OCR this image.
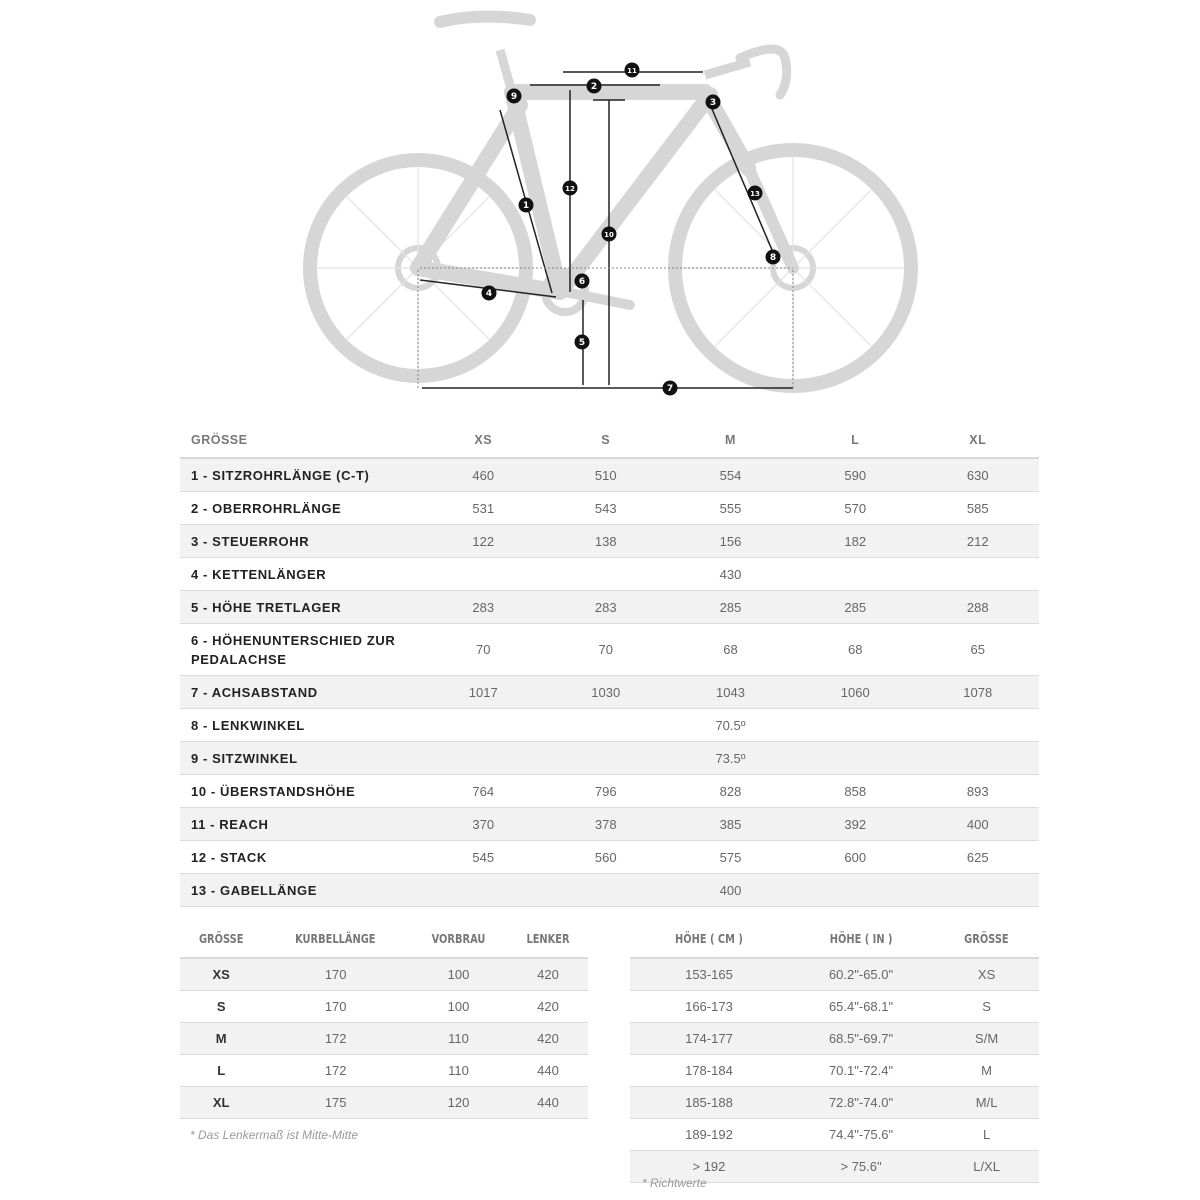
1
2
3
4
5
6
7
8
9
10
11
12
13
GRÖSSE	XS	S	M	L	XL
1 - SITZROHRLÄNGE (C-T)	460	510	554	590	630
2 - OBERROHRLÄNGE	531	543	555	570	585
3 - STEUERROHR	122	138	156	182	212
4 - KETTENLÄNGER			430		
5 - HÖHE TRETLAGER	283	283	285	285	288
6 - HÖHENUNTERSCHIED ZUR PEDALACHSE	70	70	68	68	65
7 - ACHSABSTAND	1017	1030	1043	1060	1078
8 - LENKWINKEL			70.5º		
9 - SITZWINKEL			73.5º		
10 - ÜBERSTANDSHÖHE	764	796	828	858	893
11 - REACH	370	378	385	392	400
12 - STACK	545	560	575	600	625
13 - GABELLÄNGE			400		
GRÖSSE	KURBELLÄNGE	VORBRAU	LENKER
XS	170	100	420
S	170	100	420
M	172	110	420
L	172	110	440
XL	175	120	440
* Das Lenkermaß ist Mitte-Mitte
HÖHE ( CM )	HÖHE ( IN )	GRÖSSE
153-165	60.2"-65.0"	XS
166-173	65.4"-68.1"	S
174-177	68.5"-69.7"	S/M
178-184	70.1"-72.4"	M
185-188	72.8"-74.0"	M/L
189-192	74.4"-75.6"	L
> 192	> 75.6"	L/XL
* Richtwerte
